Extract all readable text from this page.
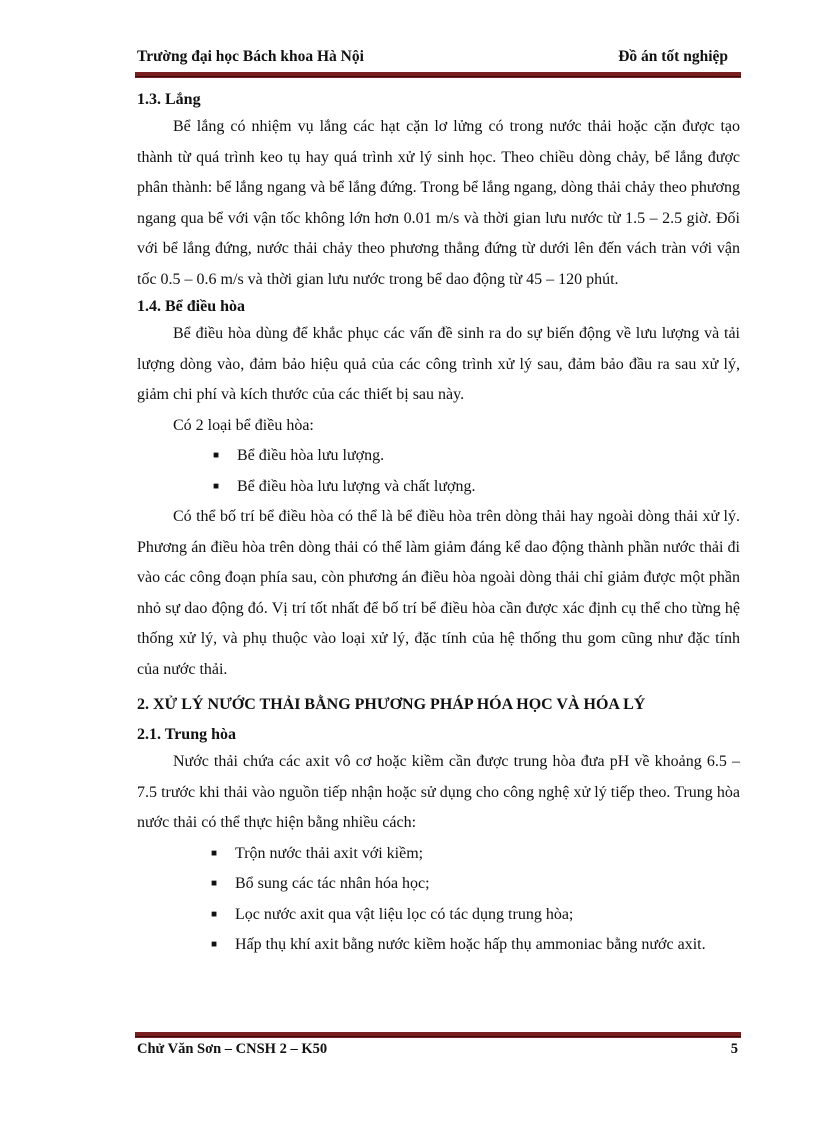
Trường đại học Bách khoa Hà Nội	Đồ án tốt nghiệp
1.3. Lắng
Bể lắng có nhiệm vụ lắng các hạt cặn lơ lửng có trong nước thải hoặc cặn được tạo thành từ quá trình keo tụ hay quá trình xử lý sinh học. Theo chiều dòng chảy, bể lắng được phân thành: bể lắng ngang và bể lắng đứng. Trong bể lắng ngang, dòng thải chảy theo phương ngang qua bể với vận tốc không lớn hơn 0.01 m/s và thời gian lưu nước từ 1.5 – 2.5 giờ. Đối với bể lắng đứng, nước thải chảy theo phương thẳng đứng từ dưới lên đến vách tràn với vận tốc 0.5 – 0.6 m/s và thời gian lưu nước trong bể dao động từ 45 – 120 phút.
1.4. Bể điều hòa
Bể điều hòa dùng để khắc phục các vấn đề sinh ra do sự biến động về lưu lượng và tải lượng dòng vào, đảm bảo hiệu quả của các công trình xử lý sau, đảm bảo đầu ra sau xử lý, giảm chi phí và kích thước của các thiết bị sau này.
Có 2 loại bể điều hòa:
■ Bể điều hòa lưu lượng.
■ Bể điều hòa lưu lượng và chất lượng.
Có thể bố trí bể điều hòa có thể là bể điều hòa trên dòng thải hay ngoài dòng thải xử lý. Phương án điều hòa trên dòng thải có thể làm giảm đáng kể dao động thành phần nước thải đi vào các công đoạn phía sau, còn phương án điều hòa ngoài dòng thải chỉ giảm được một phần nhỏ sự dao động đó. Vị trí tốt nhất để bố trí bể điều hòa cần được xác định cụ thể cho từng hệ thống xử lý, và phụ thuộc vào loại xử lý, đặc tính của hệ thống thu gom cũng như đặc tính của nước thải.
2. XỬ LÝ NƯỚC THẢI BẰNG PHƯƠNG PHÁP HÓA HỌC VÀ HÓA LÝ
2.1. Trung hòa
Nước thải chứa các axit vô cơ hoặc kiềm cần được trung hòa đưa pH về khoảng 6.5 – 7.5 trước khi thải vào nguồn tiếp nhận hoặc sử dụng cho công nghệ xử lý tiếp theo. Trung hòa nước thải có thể thực hiện bằng nhiều cách:
■ Trộn nước thải axit với kiềm;
■ Bổ sung các tác nhân hóa học;
■ Lọc nước axit qua vật liệu lọc có tác dụng trung hòa;
■ Hấp thụ khí axit bằng nước kiềm hoặc hấp thụ ammoniac bằng nước axit.
Chử Văn Sơn – CNSH 2 – K50	5
